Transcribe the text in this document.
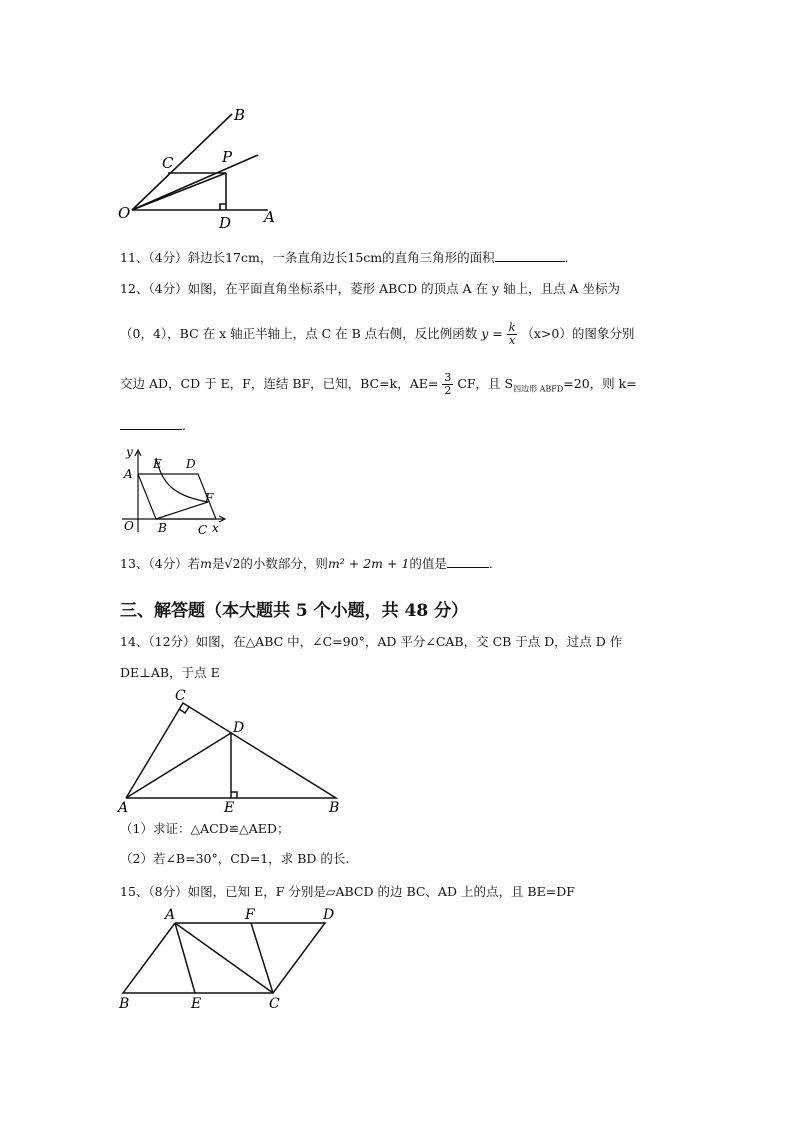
B
C	P
O
D A
11、（4分）斜边长17cm，一条直角边长15cm的直角三角形的面积	．
12、（4分）如图，在平面直角坐标系中，菱形 ABCD 的顶点 A 在 y 轴上，且点 A 坐标为
（0，4），BC 在 x 轴正半轴上，点 C 在 B 点右侧，反比例函数 $y = \frac{k}{x} (x>0)$的图象分别
交边 AD，CD 于 E，F，连结 BF，已知，BC=k，$AE= \frac{3}{2}$ CF，且 $S_{四边形 ABFD}=20$，则 k=
.
y
A
E D
F
O B	C x
13、（4分）若m是√2的小数部分，则m² + 2m + 1的值是	.
三、解答题（本大题共 5 个小题，共 48 分）
14、（12分）如图，在△ABC 中，∠C=90°，AD 平分∠CAB，交 CB 于点 D，过点 D 作
DE⊥AB，于点 E
C
D
A	E	B
（1）求证：△ACD≌△AED；
（2）若∠B=30°，CD=1，求 BD 的长.
15、（8分）如图，已知 E，F 分别是▱ABCD 的边 BC、AD 上的点，且 BE=DF
A	F	D
B	E	C
